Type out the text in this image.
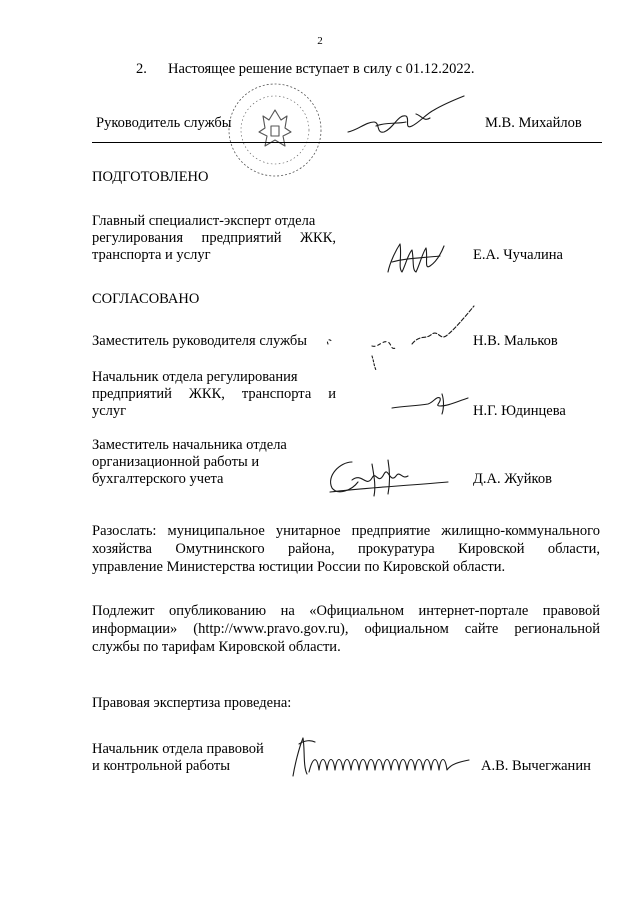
2
2. Настоящее решение вступает в силу с 01.12.2022.
Руководитель службы	М.В. Михайлов
ПОДГОТОВЛЕНО
Главный специалист-эксперт отдела
регулирования предприятий ЖКК,
транспорта и услуг	Е.А. Чучалина
СОГЛАСОВАНО
Заместитель руководителя службы	Н.В. Мальков
Начальник отдела регулирования
предприятий ЖКК, транспорта и
услуг	Н.Г. Юдинцева
Заместитель начальника отдела
организационной работы и
бухгалтерского учета	Д.А. Жуйков
Разослать: муниципальное унитарное предприятие жилищно-коммунального
хозяйства Омутнинского района, прокуратура Кировской области,
управление Министерства юстиции России по Кировской области.
Подлежит опубликованию на «Официальном интернет-портале правовой
информации» (http://www.pravo.gov.ru), официальном сайте региональной
службы по тарифам Кировской области.
Правовая экспертиза проведена:
Начальник отдела правовой
и контрольной работы	А.В. Вычегжанин
